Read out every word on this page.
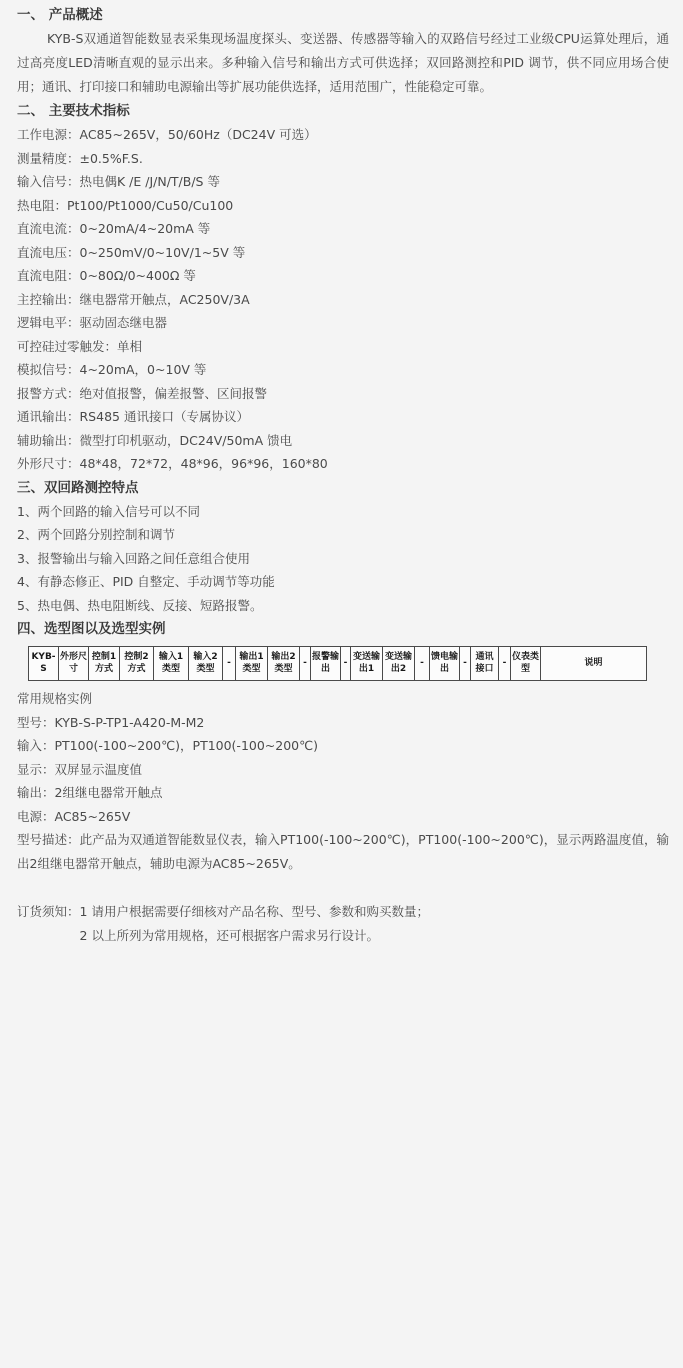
一、 产品概述

KYB-S双通道智能数显表采集现场温度探头、变送器、传感器等输入的双路信号经过工业级CPU运算处理后，通过高亮度LED清晰直观的显示出来。多种输入信号和输出方式可供选择；双回路测控和PID 调节，供不同应用场合使用；通讯、打印接口和辅助电源输出等扩展功能供选择，适用范围广，性能稳定可靠。

二、 主要技术指标
工作电源：AC85~265V，50/60Hz（DC24V 可选）
测量精度：±0.5%F.S.
输入信号：热电偶K /E /J/N/T/B/S 等
热电阻：Pt100/Pt1000/Cu50/Cu100
直流电流：0~20mA/4~20mA 等
直流电压：0~250mV/0~10V/1~5V 等
直流电阻：0~80Ω/0~400Ω 等
主控输出：继电器常开触点，AC250V/3A
逻辑电平：驱动固态继电器
可控硅过零触发：单相
模拟信号：4~20mA，0~10V 等
报警方式：绝对值报警，偏差报警、区间报警
通讯输出：RS485 通讯接口（专属协议）
辅助输出：微型打印机驱动，DC24V/50mA 馈电
外形尺寸：48*48，72*72，48*96，96*96，160*80
三、双回路测控特点
1、两个回路的输入信号可以不同
2、两个回路分别控制和调节
3、报警输出与输入回路之间任意组合使用
4、有静态修正、PID 自整定、手动调节等功能
5、热电偶、热电阻断线、反接、短路报警。
四、选型图以及选型实例
KYB-S	外形尺寸	控制1方式	控制2方式	输入1类型	输入2类型	-	输出1类型	输出2类型	-	报警输出	-	变送输出1	变送输出2	-	馈电输出	-	通讯接口	-	仪表类型	说明
常用规格实例
型号：KYB-S-P-TP1-A420-M-M2
输入：PT100(-100~200℃)，PT100(-100~200℃)
显示：双屏显示温度值
输出：2组继电器常开触点
电源：AC85~265V

型号描述：此产品为双通道智能数显仪表，输入PT100(-100~200℃)，PT100(-100~200℃)，显示两路温度值，输出2组继电器常开触点，辅助电源为AC85~265V。

订货须知： 1 请用户根据需要仔细核对产品名称、型号、参数和购买数量；
2 以上所列为常用规格，还可根据客户需求另行设计。
